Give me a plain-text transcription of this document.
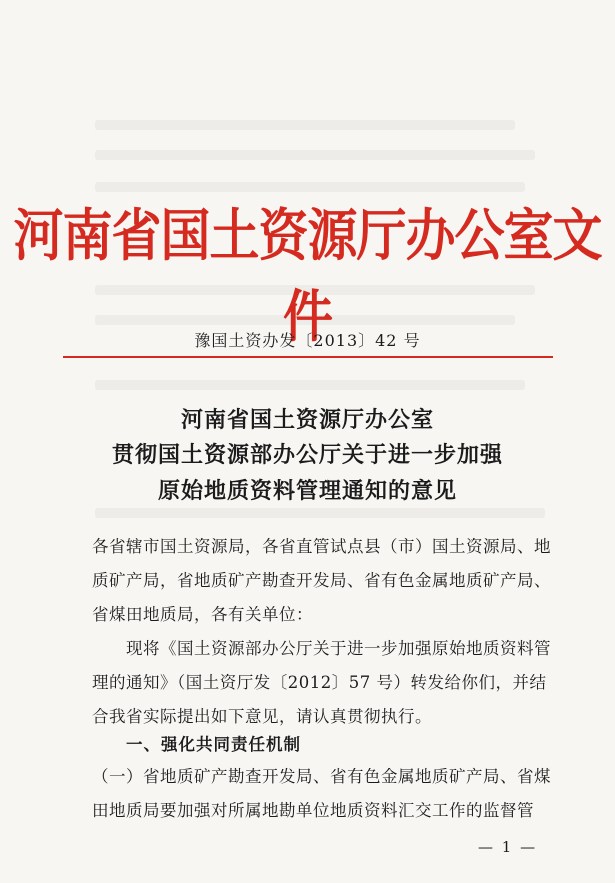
河南省国土资源厅办公室文件
豫国土资办发〔2013〕42 号
河南省国土资源厅办公室
贯彻国土资源部办公厅关于进一步加强
原始地质资料管理通知的意见
各省辖市国土资源局，各省直管试点县（市）国土资源局、地质矿产局，省地质矿产勘查开发局、省有色金属地质矿产局、省煤田地质局，各有关单位：
现将《国土资源部办公厅关于进一步加强原始地质资料管理的通知》（国土资厅发〔2012〕57 号）转发给你们，并结合我省实际提出如下意见，请认真贯彻执行。
一、强化共同责任机制
（一）省地质矿产勘查开发局、省有色金属地质矿产局、省煤田地质局要加强对所属地勘单位地质资料汇交工作的监督管
— 1 —
